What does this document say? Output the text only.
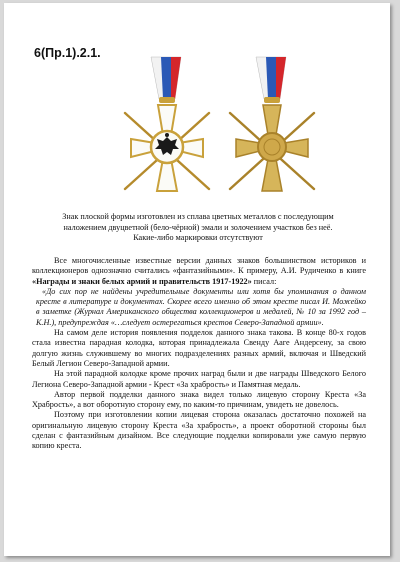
6(Пр.1).2.1.
Знак плоской формы изготовлен из сплава цветных металлов с последующим
наложением двуцветной (бело-чёрной) эмали и золочением участков без неё.
Какие-либо маркировки отсутствуют

Все многочисленные известные версии данных знаков большинством историков и коллекционеров однозначно считались «фантазийными». К примеру, А.И. Рудиченко в книге «Награды и знаки белых армий и правительств 1917-1922» писал:

«До сих пор не найдены учредительные документы или хотя бы упоминания о данном кресте в литературе и документах. Скорее всего именно об этом кресте писал И. Можейко в заметке (Журнал Американского общества коллекционеров и медалей, № 10 за 1992 год – К.Н.), предупреждая «…следует остерегаться крестов Северо-Западной армии».

На самом деле история появления подделок данного знака такова. В конце 80-х годов стала известна парадная колодка, которая принадлежала Свенду Ааге Андерсену, за свою долгую жизнь служившему во многих подразделениях разных армий, включая и Шведский Белый Легион Северо-Западной армии.

На этой парадной колодке кроме прочих наград были и две награды Шведского Белого Легиона Северо-Западной армии - Крест «За храбрость» и Памятная медаль.

Автор первой подделки данного знака видел только лицевую сторону Креста «За Храбрость», а вот оборотную сторону ему, по каким-то причинам, увидеть не довелось.

Поэтому при изготовлении копии лицевая сторона оказалась достаточно похожей на оригинальную лицевую сторону Креста «За храбрость», а проект оборотной стороны был сделан с фантазийным дизайном. Все следующие подделки копировали уже самую первую копию креста.
